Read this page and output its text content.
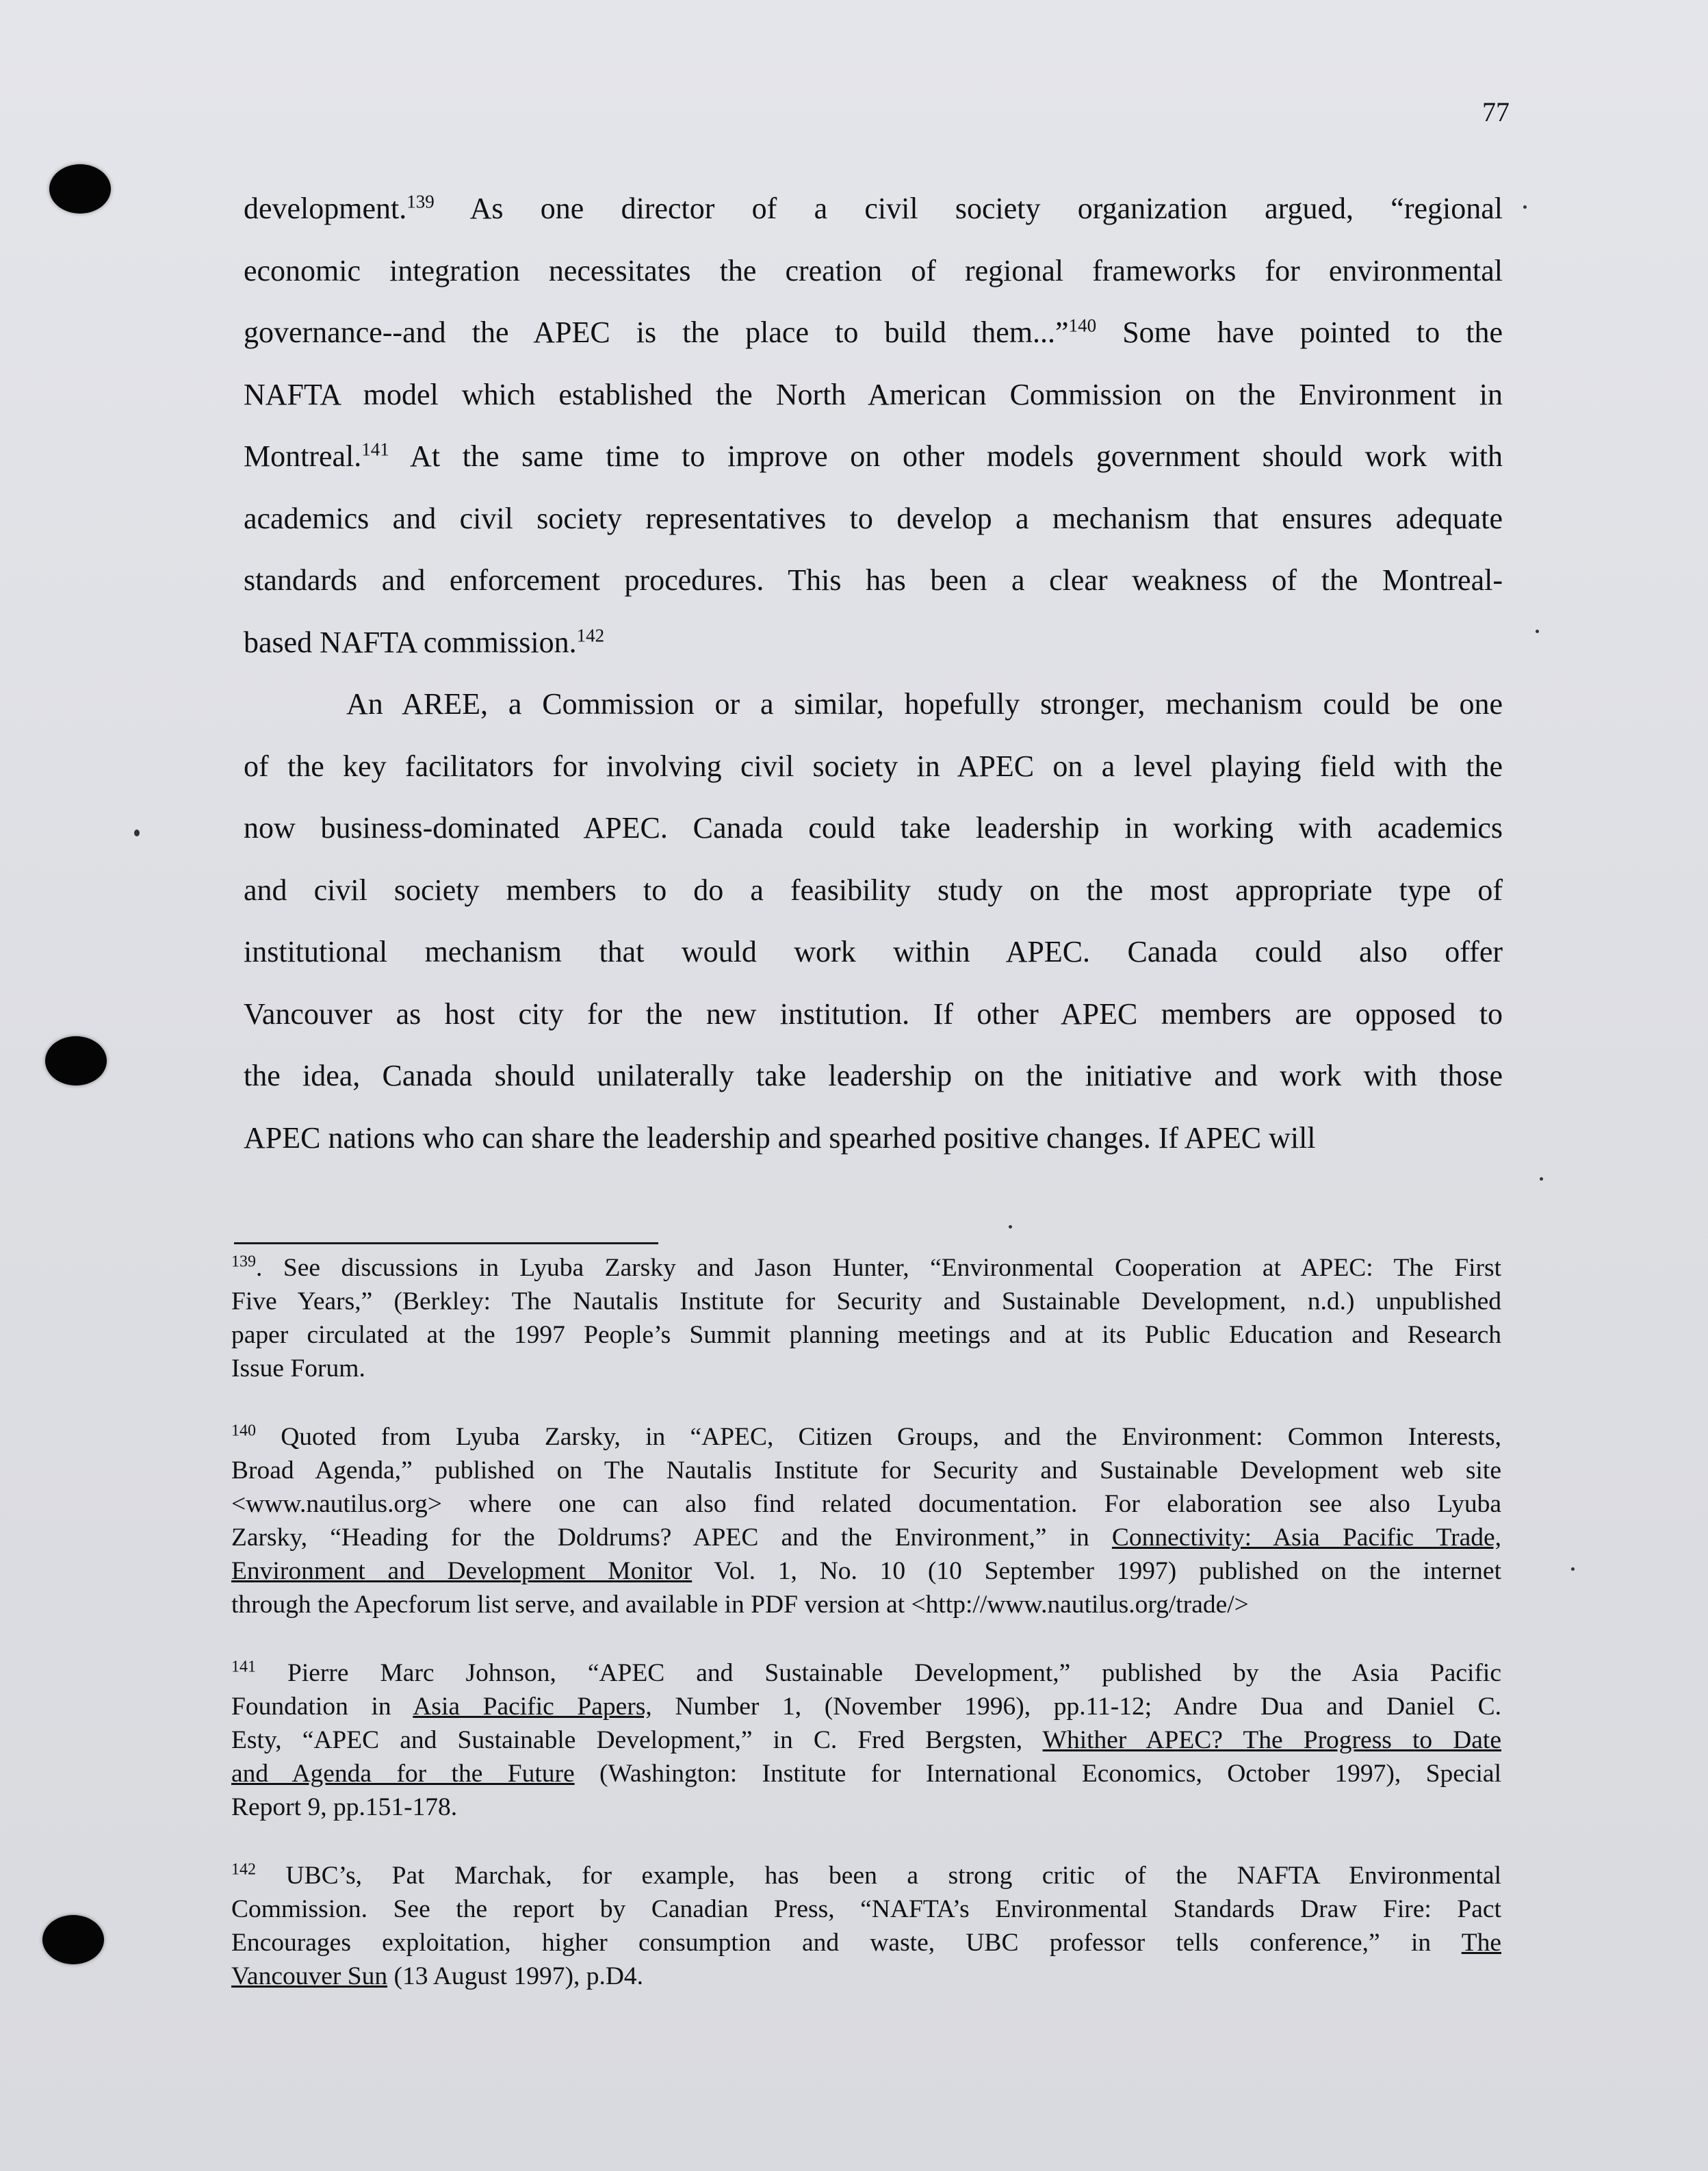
77
development.$^{139}$ As one director of a civil society organization argued, “regional
economic integration necessitates the creation of regional frameworks for environmental
governance--and the APEC is the place to build them...”$^{140}$ Some have pointed to the
NAFTA model which established the North American Commission on the Environment in
Montreal.$^{141}$ At the same time to improve on other models government should work with
academics and civil society representatives to develop a mechanism that ensures adequate
standards and enforcement procedures. This has been a clear weakness of the Montreal-
based NAFTA commission.$^{142}$
An AREE, a Commission or a similar, hopefully stronger, mechanism could be one
of the key facilitators for involving civil society in APEC on a level playing field with the
now business-dominated APEC. Canada could take leadership in working with academics
and civil society members to do a feasibility study on the most appropriate type of
institutional mechanism that would work within APEC. Canada could also offer
Vancouver as host city for the new institution. If other APEC members are opposed to
the idea, Canada should unilaterally take leadership on the initiative and work with those
APEC nations who can share the leadership and spearhed positive changes. If APEC will
$^{139}$. See discussions in Lyuba Zarsky and Jason Hunter, “Environmental Cooperation at APEC: The First
Five Years,” (Berkley: The Nautalis Institute for Security and Sustainable Development, n.d.) unpublished
paper circulated at the 1997 People’s Summit planning meetings and at its Public Education and Research
Issue Forum.
$^{140}$ Quoted from Lyuba Zarsky, in “APEC, Citizen Groups, and the Environment: Common Interests,
Broad Agenda,” published on The Nautalis Institute for Security and Sustainable Development web site
<www.nautilus.org> where one can also find related documentation. For elaboration see also Lyuba
Zarsky, “Heading for the Doldrums? APEC and the Environment,” in Connectivity: Asia Pacific Trade,
Environment and Development Monitor Vol. 1, No. 10 (10 September 1997) published on the internet
through the Apecforum list serve, and available in PDF version at <http://www.nautilus.org/trade/>
$^{141}$ Pierre Marc Johnson, “APEC and Sustainable Development,” published by the Asia Pacific
Foundation in Asia Pacific Papers, Number 1, (November 1996), pp.11-12; Andre Dua and Daniel C.
Esty, “APEC and Sustainable Development,” in C. Fred Bergsten, Whither APEC? The Progress to Date
and Agenda for the Future (Washington: Institute for International Economics, October 1997), Special
Report 9, pp.151-178.
$^{142}$ UBC’s, Pat Marchak, for example, has been a strong critic of the NAFTA Environmental
Commission. See the report by Canadian Press, “NAFTA’s Environmental Standards Draw Fire: Pact
Encourages exploitation, higher consumption and waste, UBC professor tells conference,” in The
Vancouver Sun (13 August 1997), p.D4.
